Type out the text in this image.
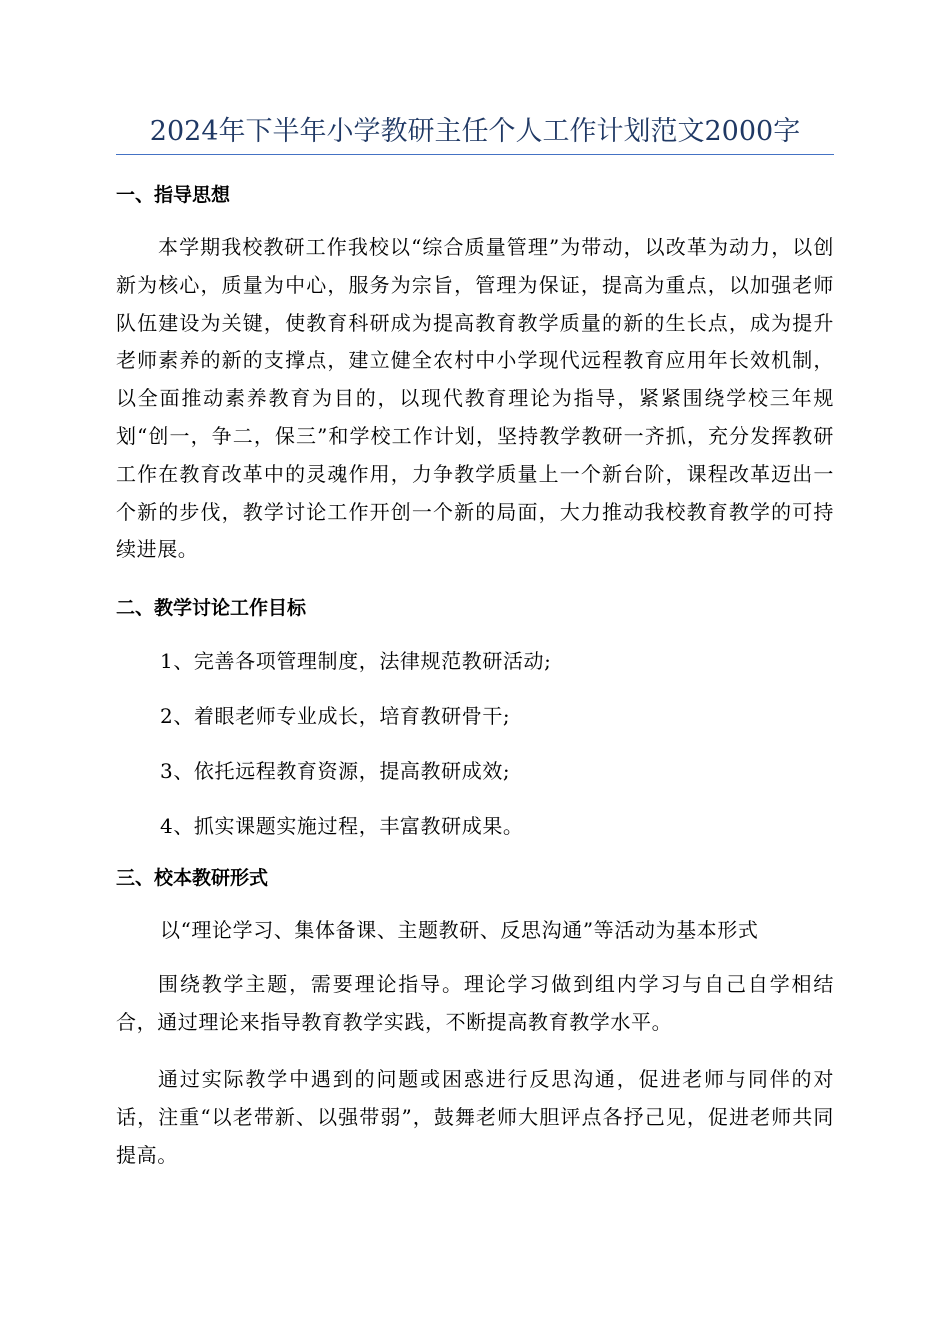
2024年下半年小学教研主任个人工作计划范文2000字
一、指导思想
本学期我校教研工作我校以“综合质量管理”为带动，以改革为动力，以创新为核心，质量为中心，服务为宗旨，管理为保证，提高为重点，以加强老师队伍建设为关键，使教育科研成为提高教育教学质量的新的生长点，成为提升老师素养的新的支撑点，建立健全农村中小学现代远程教育应用年长效机制，以全面推动素养教育为目的，以现代教育理论为指导，紧紧围绕学校三年规划“创一，争二，保三”和学校工作计划，坚持教学教研一齐抓，充分发挥教研工作在教育改革中的灵魂作用，力争教学质量上一个新台阶，课程改革迈出一个新的步伐，教学讨论工作开创一个新的局面，大力推动我校教育教学的可持续进展。
二、教学讨论工作目标
1、完善各项管理制度，法律规范教研活动;
2、着眼老师专业成长，培育教研骨干;
3、依托远程教育资源，提高教研成效;
4、抓实课题实施过程，丰富教研成果。
三、校本教研形式
以“理论学习、集体备课、主题教研、反思沟通”等活动为基本形式
围绕教学主题，需要理论指导。理论学习做到组内学习与自己自学相结合，通过理论来指导教育教学实践，不断提高教育教学水平。
通过实际教学中遇到的问题或困惑进行反思沟通，促进老师与同伴的对话，注重“以老带新、以强带弱”，鼓舞老师大胆评点各抒己见，促进老师共同提高。
